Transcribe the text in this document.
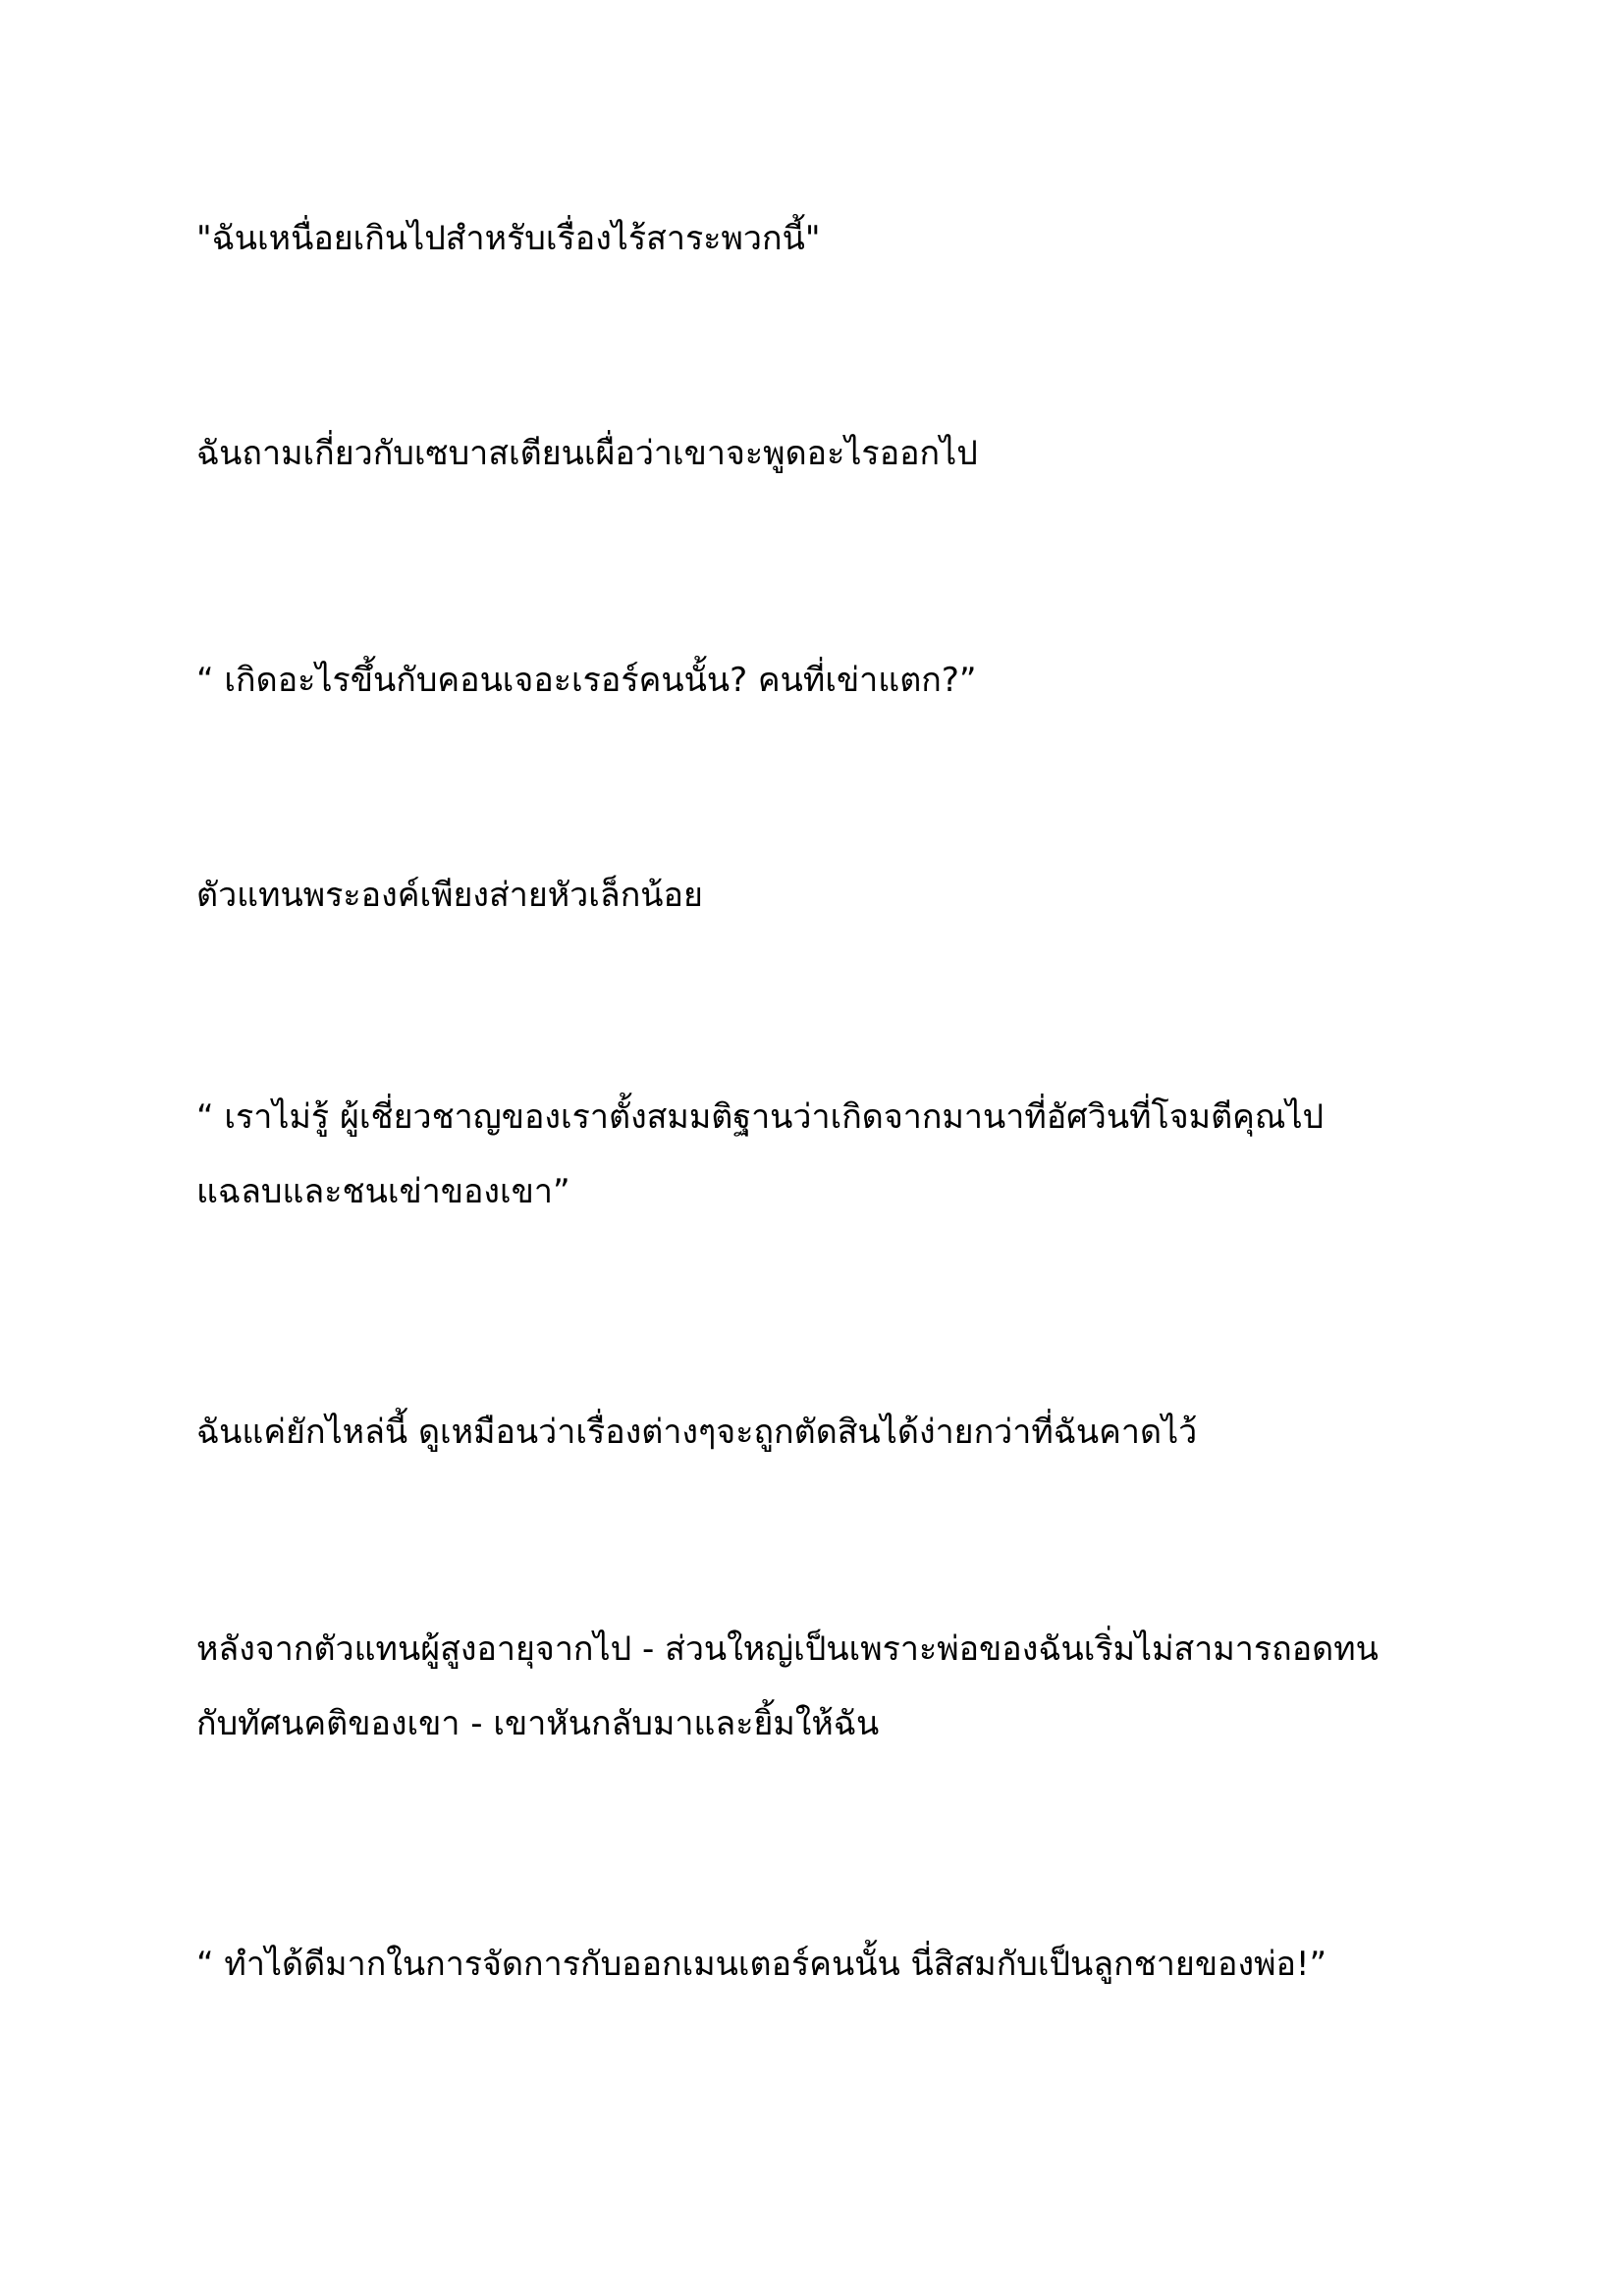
"ฉันเหนื่อยเกินไปสำหรับเรื่องไร้สาระพวกนี้"

ฉันถามเกี่ยวกับเซบาสเตียนเผื่อว่าเขาจะพูดอะไรออกไป

“ เกิดอะไรขึ้นกับคอนเจอะเรอร์คนนั้น? คนที่เข่าแตก?”

ตัวแทนพระองค์เพียงส่ายหัวเล็กน้อย

“ เราไม่รู้ ผู้เชี่ยวชาญของเราตั้งสมมติฐานว่าเกิดจากมานาที่อัศวินที่โจมตีคุณไป
แฉลบและชนเข่าของเขา”

ฉันแค่ยักไหล่นี้ ดูเหมือนว่าเรื่องต่างๆจะถูกตัดสินได้ง่ายกว่าที่ฉันคาดไว้

หลังจากตัวแทนผู้สูงอายุจากไป - ส่วนใหญ่เป็นเพราะพ่อของฉันเริ่มไม่สามารถอดทน
กับทัศนคติของเขา - เขาหันกลับมาและยิ้มให้ฉัน

“ ทำได้ดีมากในการจัดการกับออกเมนเตอร์คนนั้น นี่สิสมกับเป็นลูกชายของพ่อ!”
